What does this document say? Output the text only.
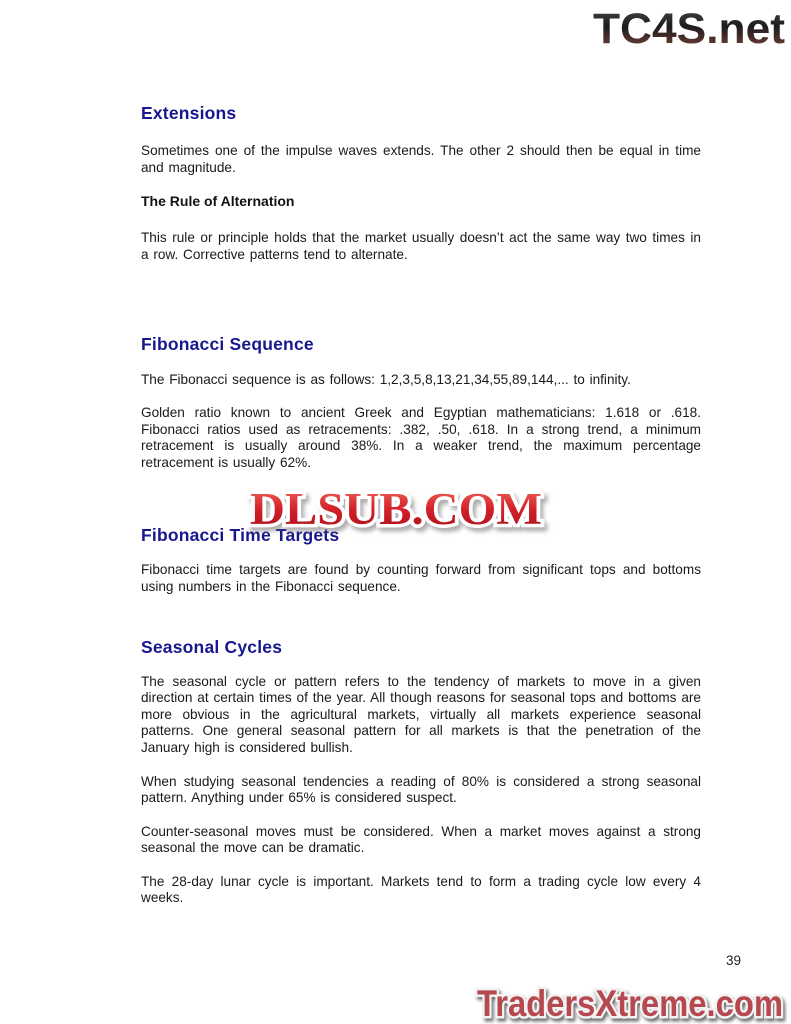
TC4S.net
Extensions

Sometimes one of the impulse waves extends. The other 2 should then be equal in time and magnitude.

The Rule of Alternation

This rule or principle holds that the market usually doesn’t act the same way two times in a row. Corrective patterns tend to alternate.

Fibonacci Sequence

The Fibonacci sequence is as follows: 1,2,3,5,8,13,21,34,55,89,144,... to infinity.

Golden ratio known to ancient Greek and Egyptian mathematicians: 1.618 or .618. Fibonacci ratios used as retracements: .382, .50, .618. In a strong trend, a minimum retracement is usually around 38%. In a weaker trend, the maximum percentage retracement is usually 62%.

Fibonacci Time Targets

Fibonacci time targets are found by counting forward from significant tops and bottoms using numbers in the Fibonacci sequence.

Seasonal Cycles

The seasonal cycle or pattern refers to the tendency of markets to move in a given direction at certain times of the year. All though reasons for seasonal tops and bottoms are more obvious in the agricultural markets, virtually all markets experience seasonal patterns. One general seasonal pattern for all markets is that the penetration of the January high is considered bullish.

When studying seasonal tendencies a reading of 80% is considered a strong seasonal pattern. Anything under 65% is considered suspect.

Counter-seasonal moves must be considered. When a market moves against a strong seasonal the move can be dramatic.

The 28-day lunar cycle is important. Markets tend to form a trading cycle low every 4 weeks.

DLSUB.COM
39
TradersXtreme.com
